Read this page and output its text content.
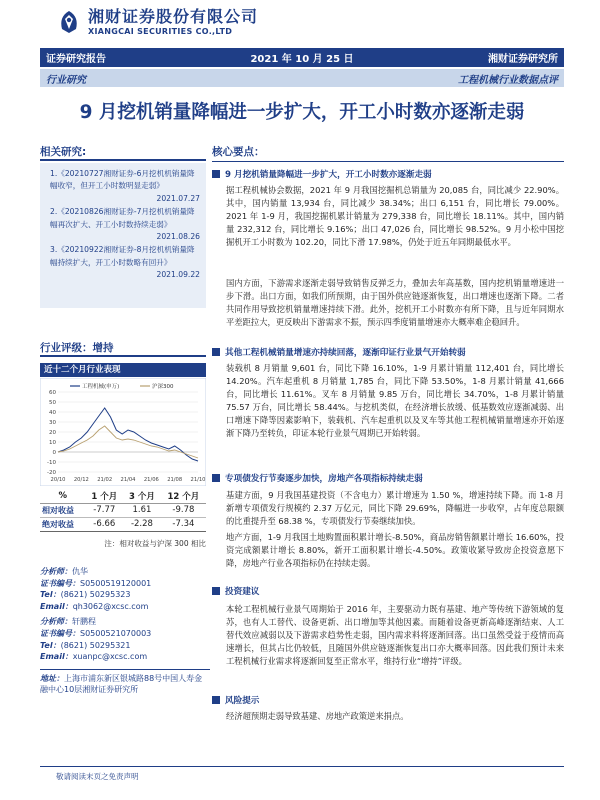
湘财证券股份有限公司
XIANGCAI SECURITIES CO.,LTD
证券研究报告	2021 年 10 月 25 日	湘财证券研究所
行业研究	工程机械行业数据点评
9 月挖机销量降幅进一步扩大，开工小时数亦逐渐走弱
相关研究:
1.《20210727湘财证券-6月挖机机销量降幅收窄，但开工小时数明显走弱》
2021.07.27
2.《20210826湘财证券-7月挖机机销量降幅再次扩大、开工小时数持续走弱》
2021.08.26
3.《20210922湘财证券-8月挖机机销量降幅持续扩大，开工小时数略有回升》
2021.09.22
行业评级：增持
近十二个月行业表现
60
50
40
30
20
10
0
-10
-20
20/10 20/12 21/02 21/04 21/06 21/08 21/10
工程机械(申万)	沪深300
%	1 个月	3 个月	12 个月
相对收益	-7.77	1.61	-9.78
绝对收益	-6.66	-2.28	-7.34
注：相对收益与沪深 300 相比
分析师：仇华
证书编号：S0500519120001
Tel：(8621) 50295323
Email：qh3062@xcsc.com
分析师：轩鹏程
证书编号：S0500521070003
Tel：(8621) 50295321
Email：xuanpc@xcsc.com
地址：上海市浦东新区银城路88号中国人寿金融中心10层湘财证券研究所
核心要点：
9 月挖机销量降幅进一步扩大，开工小时数亦逐渐走弱
据工程机械协会数据，2021 年 9 月我国挖掘机总销量为 20,085 台，同比减少 22.90%。其中，国内销量 13,934 台，同比减少 38.34%；出口 6,151 台，同比增长 79.00%。2021 年 1-9 月，我国挖掘机累计销量为 279,338 台，同比增长 18.11%。其中，国内销量 232,312 台，同比增长 9.16%；出口 47,026 台，同比增长 98.52%。9 月小松中国挖掘机开工小时数为 102.20，同比下滑 17.98%，仍处于近五年同期最低水平。
国内方面，下游需求逐渐走弱导致销售反弹乏力，叠加去年高基数，国内挖机销量增速进一步下滑。出口方面，如我们所预期，由于国外供应链逐渐恢复，出口增速也逐渐下降。二者共同作用导致挖机销量增速持续下滑。此外，挖机开工小时数亦有所下降，且与近年同期水平差距拉大，更反映出下游需求不振，预示四季度销量增速亦大概率难企稳回升。
其他工程机械销量增速亦持续回落，逐渐印证行业景气开始转弱
装载机 8 月销量 9,601 台，同比下降 16.10%，1-9 月累计销量 112,401 台，同比增长 14.20%。汽车起重机 8 月销量 1,785 台，同比下降 53.50%，1-8 月累计销量 41,666 台，同比增长 11.61%。叉车 8 月销量 9.85 万台，同比增长 34.70%，1-8 月累计销量 75.57 万台，同比增长 58.44%。与挖机类似，在经济增长放缓、低基数效应逐渐减弱、出口增速下降等因素影响下，装载机、汽车起重机以及叉车等其他工程机械销量增速亦开始逐渐下降乃至转负，印证本轮行业景气周期已开始转弱。
专项债发行节奏逐步加快，房地产各项指标持续走弱
基建方面，9 月我国基建投资（不含电力）累计增速为 1.50 %，增速持续下降。而 1-8 月新增专项债发行规模约 2.37 万亿元，同比下降 29.69%，降幅进一步收窄，占年度总限额的比重提升至 68.38 %，专项债发行节奏继续加快。
地产方面，1-9 月我国土地购置面积累计增长-8.50%，商品房销售额累计增长 16.60%，投资完成额累计增长 8.80%，新开工面积累计增长-4.50%。政策收紧导致房企投资意愿下降，房地产行业各项指标仍在持续走弱。
投资建议
本轮工程机械行业景气周期始于 2016 年，主要驱动力既有基建、地产等传统下游领域的复苏，也有人工替代、设备更新、出口增加等其他因素。而随着设备更新高峰逐渐结束、人工替代效应减弱以及下游需求趋势性走弱，国内需求料将逐渐回落。出口虽然受益于疫情而高速增长，但其占比仍较低，且随国外供应链逐渐恢复出口亦大概率回落。因此我们预计未来工程机械行业需求将逐渐回复至正常水平，维持行业“增持”评级。
风险提示
经济超预期走弱导致基建、房地产政策逆来捐点。
敬请阅读末页之免责声明
